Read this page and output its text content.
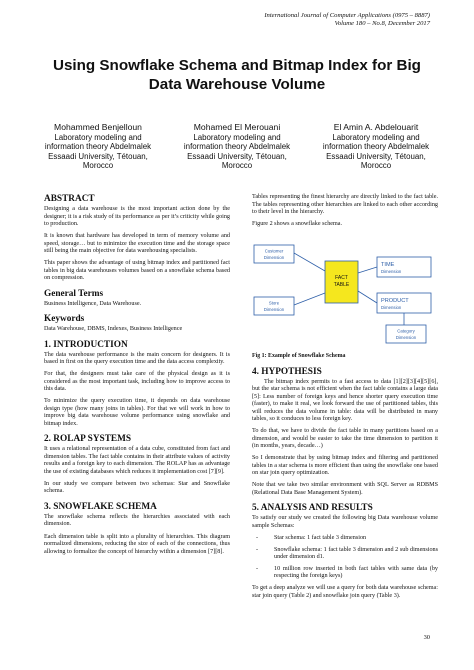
International Journal of Computer Applications (0975 – 8887)
Volume 180 – No.8, December 2017
Using Snowflake Schema and Bitmap Index for Big Data Warehouse Volume
Mohammed Benjelloun
Laboratory modeling and
information theory Abdelmalek
Essaadi University, Tétouan,
Morocco
Mohamed El Merouani
Laboratory modeling and
information theory Abdelmalek
Essaadi University, Tétouan,
Morocco
El Amin A. Abdelouarit
Laboratory modeling and
information theory Abdelmalek
Essaadi University, Tétouan,
Morocco
ABSTRACT

Designing a data warehouse is the most important action done by the designer; it is a risk study of its performance as per it’s criticity while going to production.

It is known that hardware has developed in term of memory volume and speed, storage… but to minimize the execution time and the storage space still being the main objective for data warehousing specialists.

This paper shows the advantage of using bitmap index and partitioned fact tables in big data warehouses volumes based on a snowflake schema based on compression.

General Terms

Business Intelligence, Data Warehouse.

Keywords

Data Warehouse, DBMS, Indexes, Business Intelligence

1. INTRODUCTION

The data warehouse performance is the main concern for designers. It is based in first on the query execution time and the data access complexity.

For that, the designers must take care of the physical design as it is considered as the most important task, including how to improve access to this data.

To minimize the query execution time, it depends on data warehouse design type (how many joins in tables). For that we will work in how to improve big data warehouse volume performance using snowflake and bitmap index.

2. ROLAP SYSTEMS

It uses a relational representation of a data cube, constituted from fact and dimension tables. The fact table contains in their attribute values of activity results and a foreign key to each dimension. The ROLAP has as advantage the use of existing databases which reduces it implementation cost [7][9].

In our study we compare between two schemas: Star and Snowflake schema.

3. SNOWFLAKE SCHEMA

The snowflake schema reflects the hierarchies associated with each dimension.

Each dimension table is split into a plurality of hierarchies. This diagram normalized dimensions, reducing the size of each of the connections, thus allowing to formalize the concept of hierarchy within a dimension [7][8].

Tables representing the finest hierarchy are directly linked to the fact table. The tables representing other hierarchies are linked to each other according to their level in the hierarchy.

Figure 2 shows a snowflake schema.

Customer
Dimension
Store
Dimension
FACT
TABLE
TIME
Dimension
PRODUCT
Dimension
Category
Dimension

Fig 1: Example of Snowflake Schema

4. HYPOTHESIS

The bitmap index permits to a fast access to data [1][2][3][4][5][6], but the star schema is not efficient when the fact table contains a large data [5]: Less number of foreign keys and hence shorter query execution time (faster), to make it real, we look forward the use of partitioned tables, this will reduces the data volume in table: data will be distributed in many tables, so it conduces to less foreign key.

To do that, we have to divide the fact table in many partitions based on a dimension, and would be easier to take the time dimension to partition it (in months, years, decade…)

So I demonstrate that by using bitmap index and filtering and partitioned tables in a star schema is more efficient than using the snowflake one based on star join query optimization.

Note that we take two similar environment with SQL Server as RDBMS (Relational Data Base Management System).

5. ANALYSIS AND RESULTS

To satisfy our study we created the following big Data warehouse volume sample Schemas:

-	Star schema: 1 fact table 3 dimension
-	Snowflake schema: 1 fact table 3 dimension and 2 sub dimensions under dimension d1.
-	10 million row inserted in both fact tables with same data (by respecting the foreign keys)

To get a deep analyze we will use a query for both data warehouse schema: star join query (Table 2) and snowflake join query (Table 3).

30
